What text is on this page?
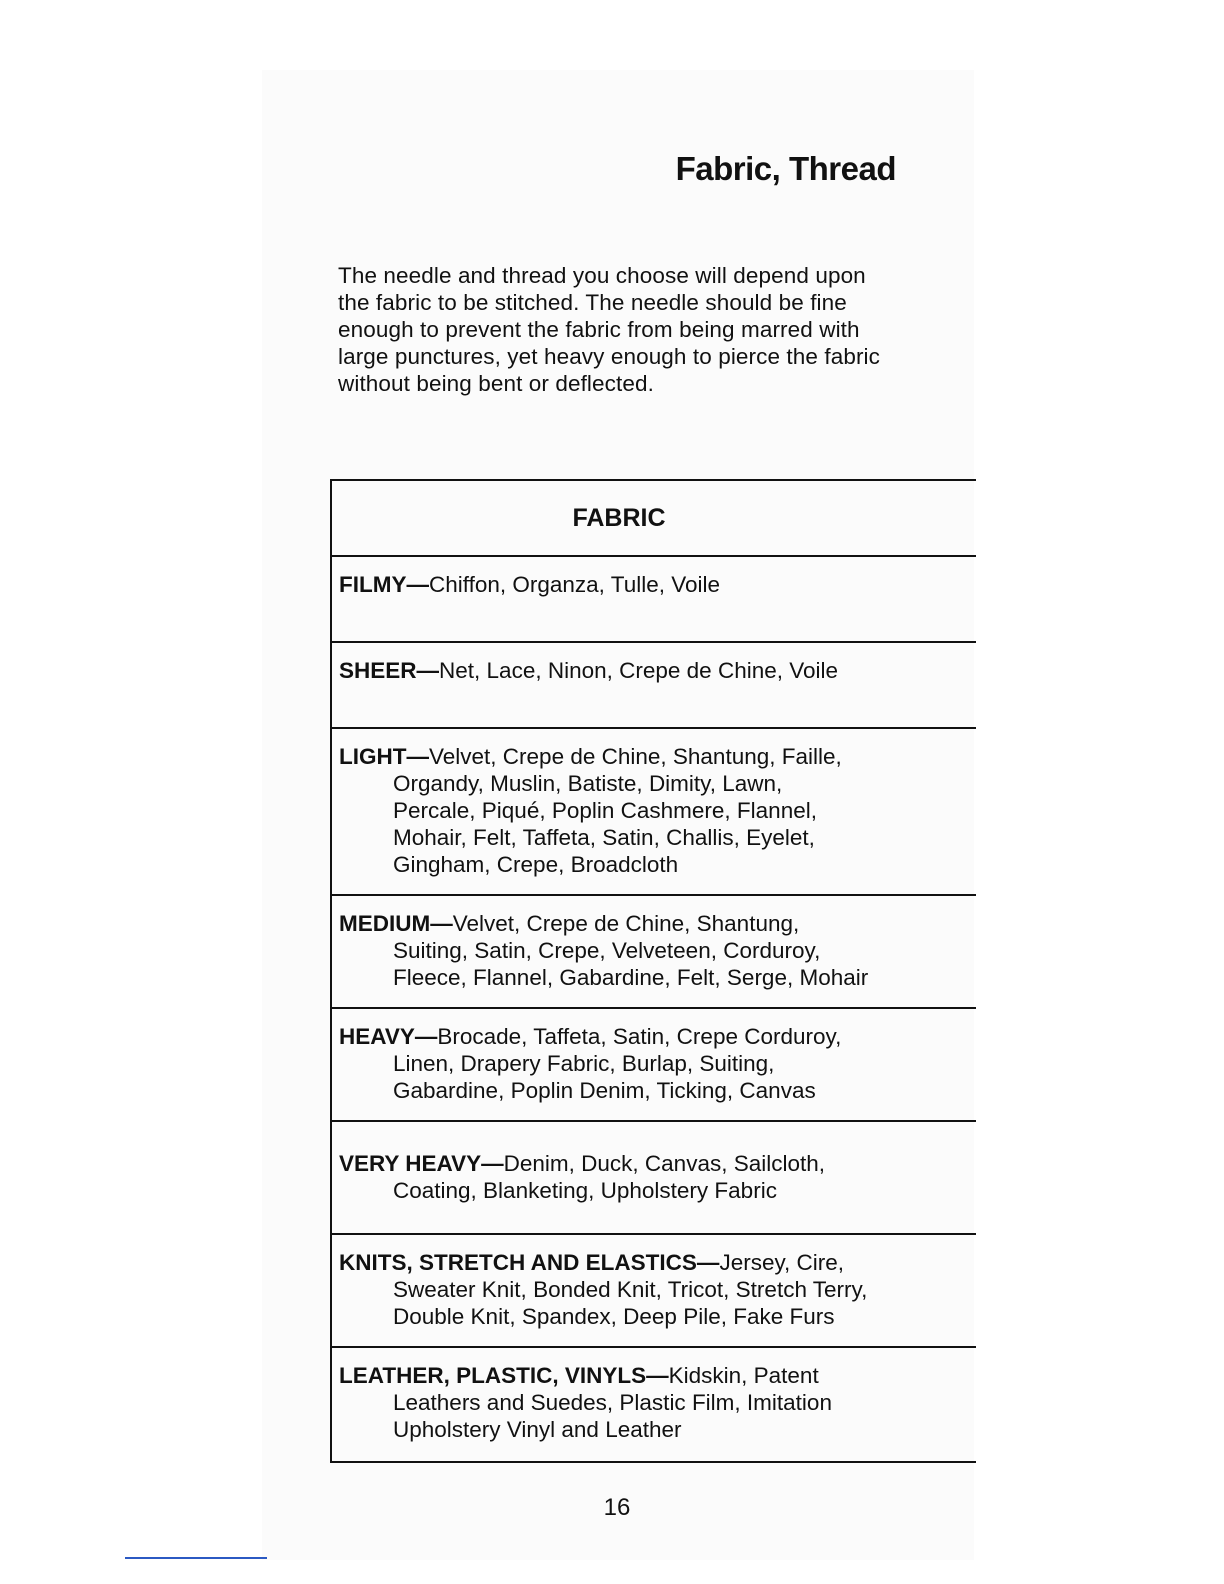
Fabric, Thread

The needle and thread you choose will depend upon
the fabric to be stitched. The needle should be fine
enough to prevent the fabric from being marred with
large punctures, yet heavy enough to pierce the fabric
without being bent or deflected.

FABRIC
FILMY—Chiffon, Organza, Tulle, Voile
SHEER—Net, Lace, Ninon, Crepe de Chine, Voile
LIGHT—Velvet, Crepe de Chine, Shantung, Faille,
Organdy, Muslin, Batiste, Dimity, Lawn,
Percale, Piqué, Poplin Cashmere, Flannel,
Mohair, Felt, Taffeta, Satin, Challis, Eyelet,
Gingham, Crepe, Broadcloth
MEDIUM—Velvet, Crepe de Chine, Shantung,
Suiting, Satin, Crepe, Velveteen, Corduroy,
Fleece, Flannel, Gabardine, Felt, Serge, Mohair
HEAVY—Brocade, Taffeta, Satin, Crepe Corduroy,
Linen, Drapery Fabric, Burlap, Suiting,
Gabardine, Poplin Denim, Ticking, Canvas
VERY HEAVY—Denim, Duck, Canvas, Sailcloth,
Coating, Blanketing, Upholstery Fabric
KNITS, STRETCH AND ELASTICS—Jersey, Cire,
Sweater Knit, Bonded Knit, Tricot, Stretch Terry,
Double Knit, Spandex, Deep Pile, Fake Furs
LEATHER, PLASTIC, VINYLS—Kidskin, Patent
Leathers and Suedes, Plastic Film, Imitation
Upholstery Vinyl and Leather
16
